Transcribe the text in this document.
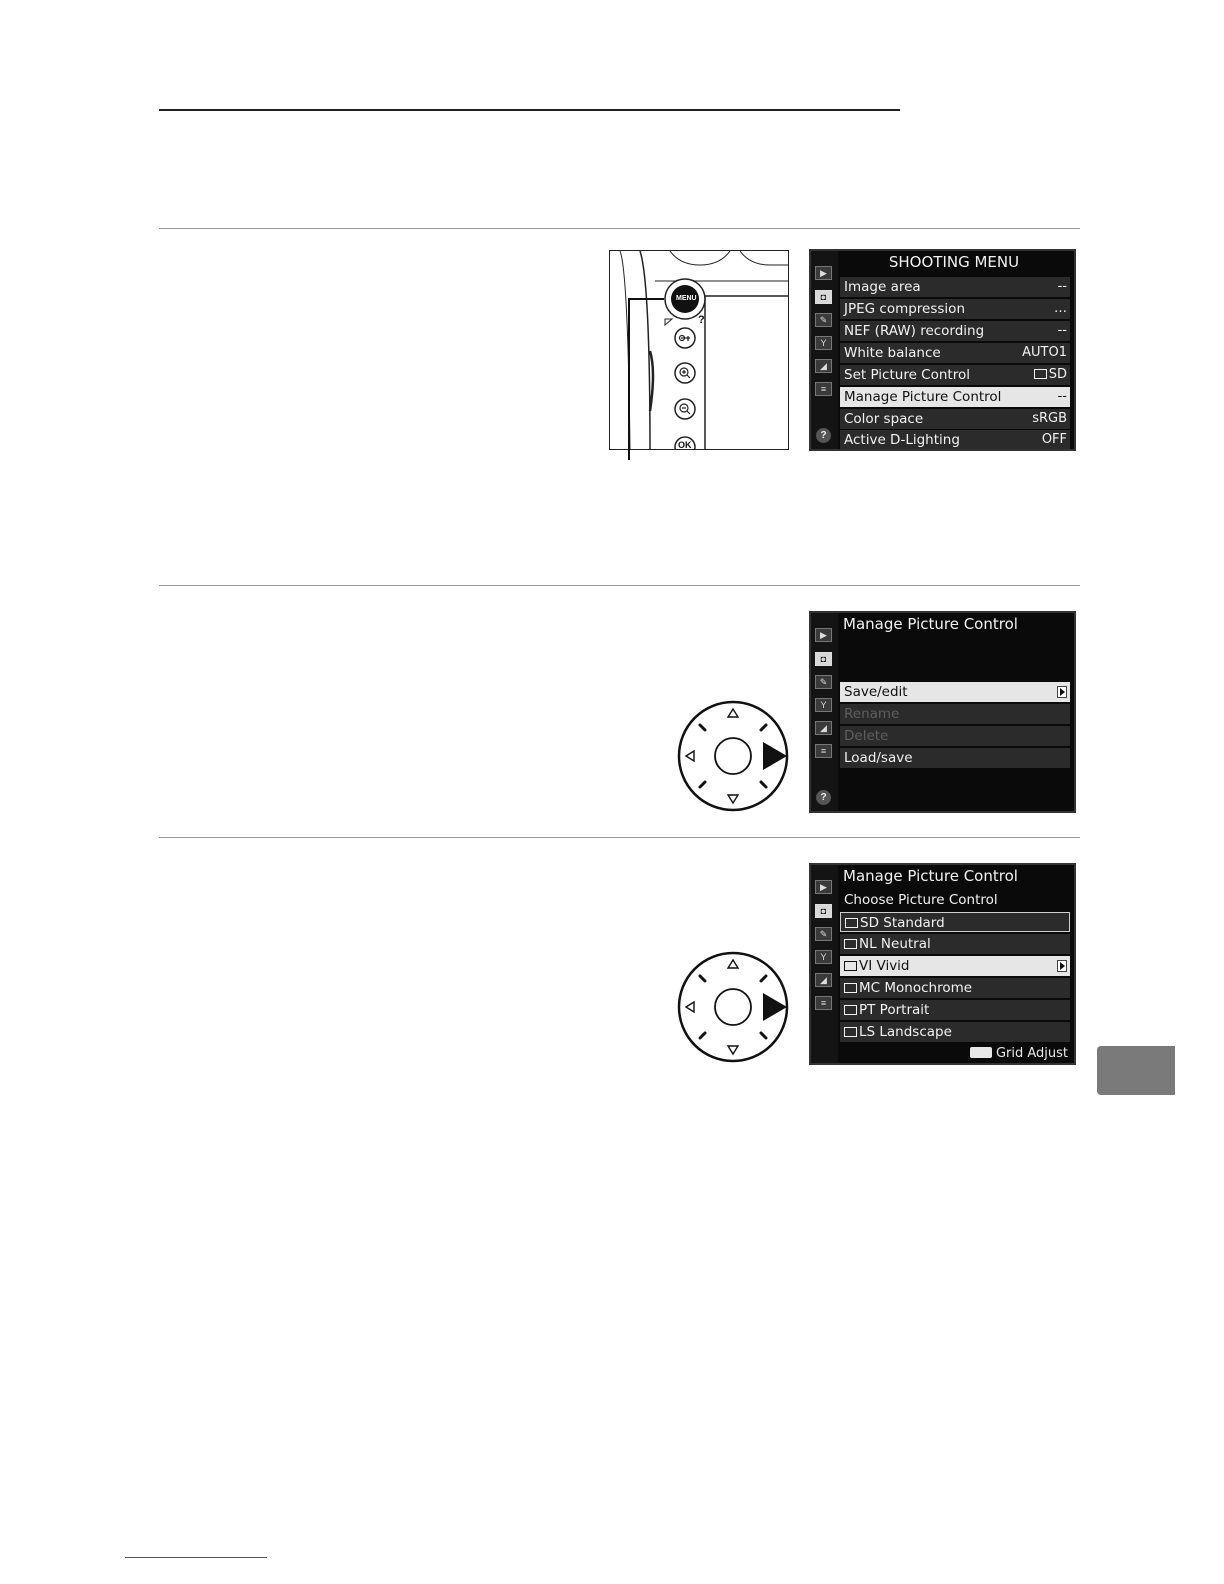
MENU
?
OK
▶
◘
✎
Y
◢
≡
?
SHOOTING MENU
Image area	--
JPEG compression	…
NEF (RAW) recording	--
White balance	AUTO1
Set Picture Control	SD
Manage Picture Control	--
Color space	sRGB
Active D-Lighting	OFF
▶
◘
✎
Y
◢
≡
?
Manage Picture Control
Save/edit
Rename
Delete
Load/save
▶
◘
✎
Y
◢
≡
Manage Picture Control
Choose Picture Control
SD Standard
NL Neutral
VI Vivid
MC Monochrome
PT Portrait
LS Landscape
Grid Adjust
